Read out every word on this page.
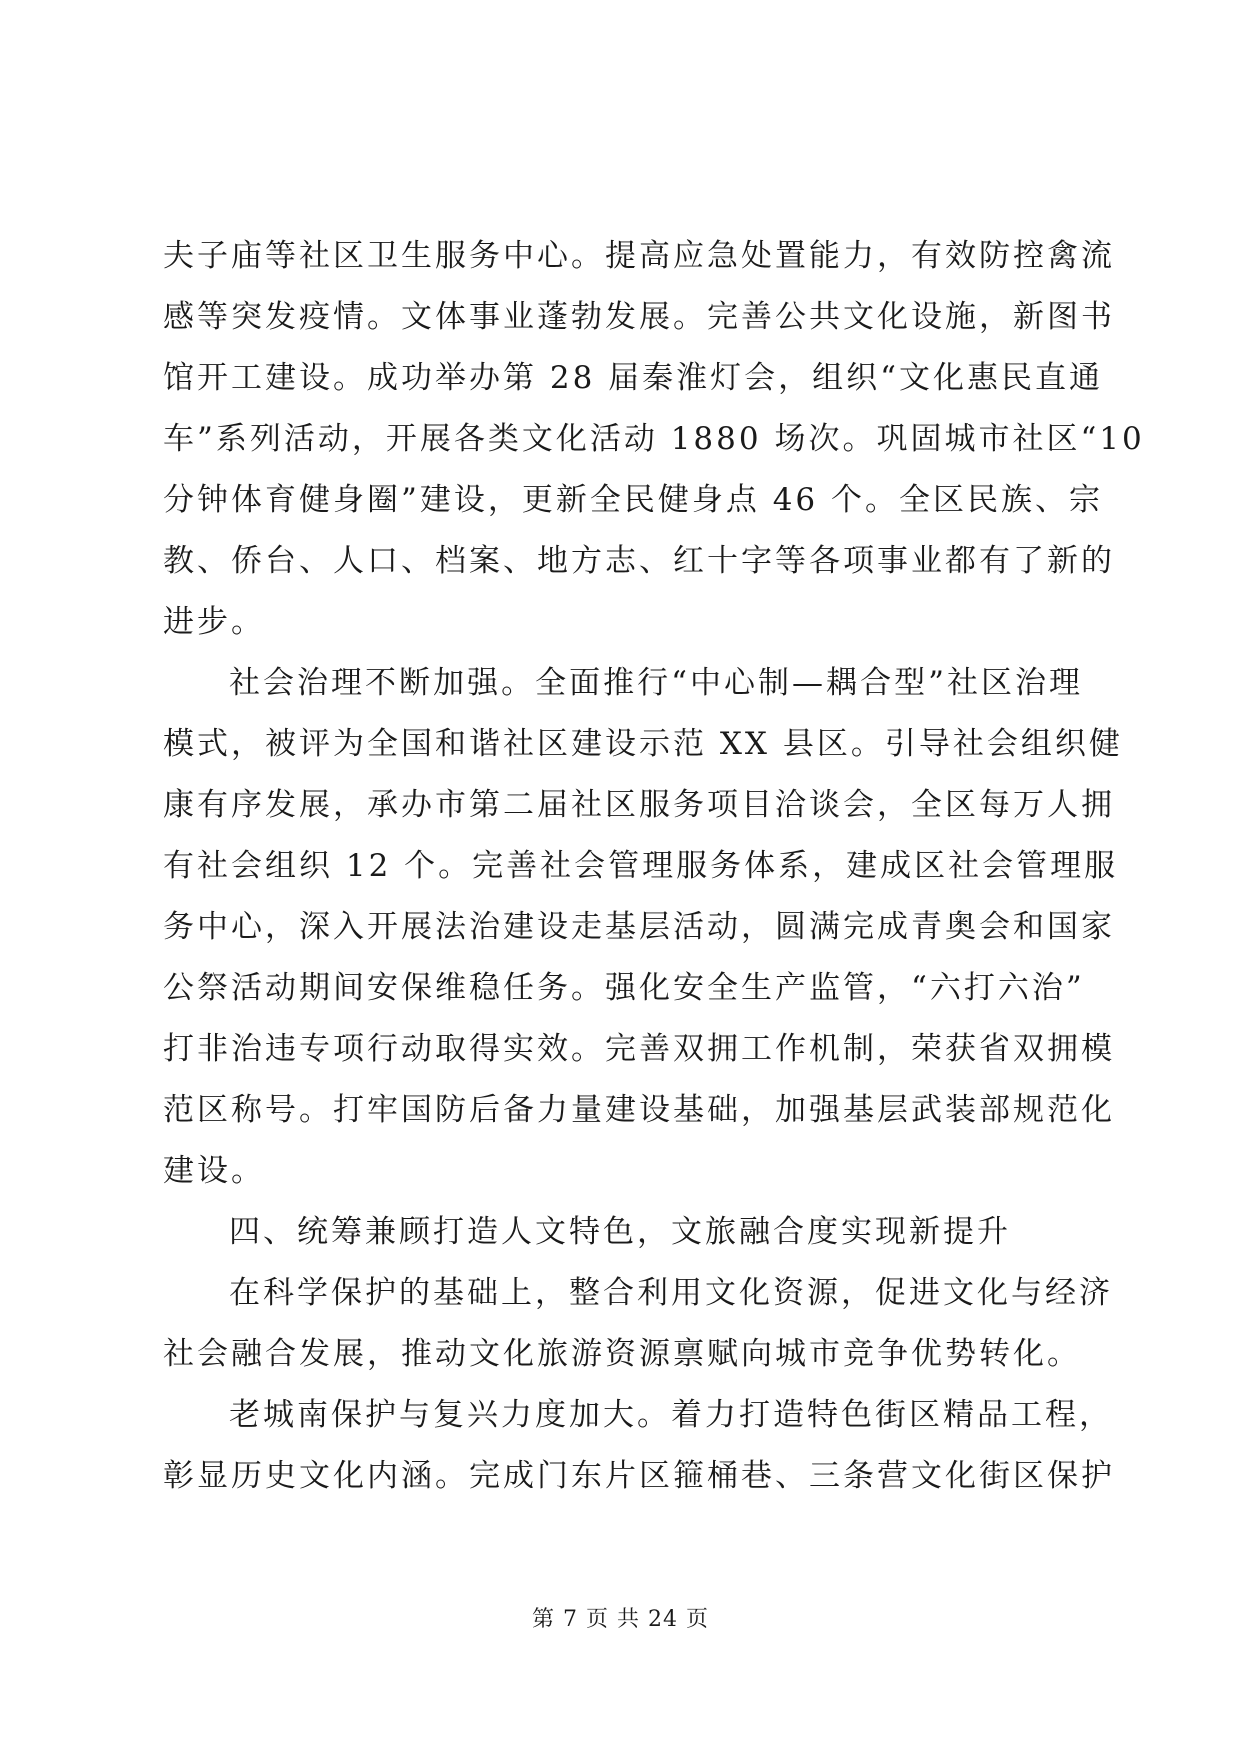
夫子庙等社区卫生服务中心。提高应急处置能力，有效防控禽流
感等突发疫情。文体事业蓬勃发展。完善公共文化设施，新图书
馆开工建设。成功举办第 28 届秦淮灯会，组织“文化惠民直通
车”系列活动，开展各类文化活动 1880 场次。巩固城市社区“10
分钟体育健身圈”建设，更新全民健身点 46 个。全区民族、宗
教、侨台、人口、档案、地方志、红十字等各项事业都有了新的
进步。
社会治理不断加强。全面推行“中心制—耦合型”社区治理
模式，被评为全国和谐社区建设示范 XX 县区。引导社会组织健
康有序发展，承办市第二届社区服务项目洽谈会，全区每万人拥
有社会组织 12 个。完善社会管理服务体系，建成区社会管理服
务中心，深入开展法治建设走基层活动，圆满完成青奥会和国家
公祭活动期间安保维稳任务。强化安全生产监管，“六打六治”
打非治违专项行动取得实效。完善双拥工作机制，荣获省双拥模
范区称号。打牢国防后备力量建设基础，加强基层武装部规范化
建设。
四、统筹兼顾打造人文特色，文旅融合度实现新提升
在科学保护的基础上，整合利用文化资源，促进文化与经济
社会融合发展，推动文化旅游资源禀赋向城市竞争优势转化。
老城南保护与复兴力度加大。着力打造特色街区精品工程，
彰显历史文化内涵。完成门东片区箍桶巷、三条营文化街区保护
第 7 页 共 24 页
